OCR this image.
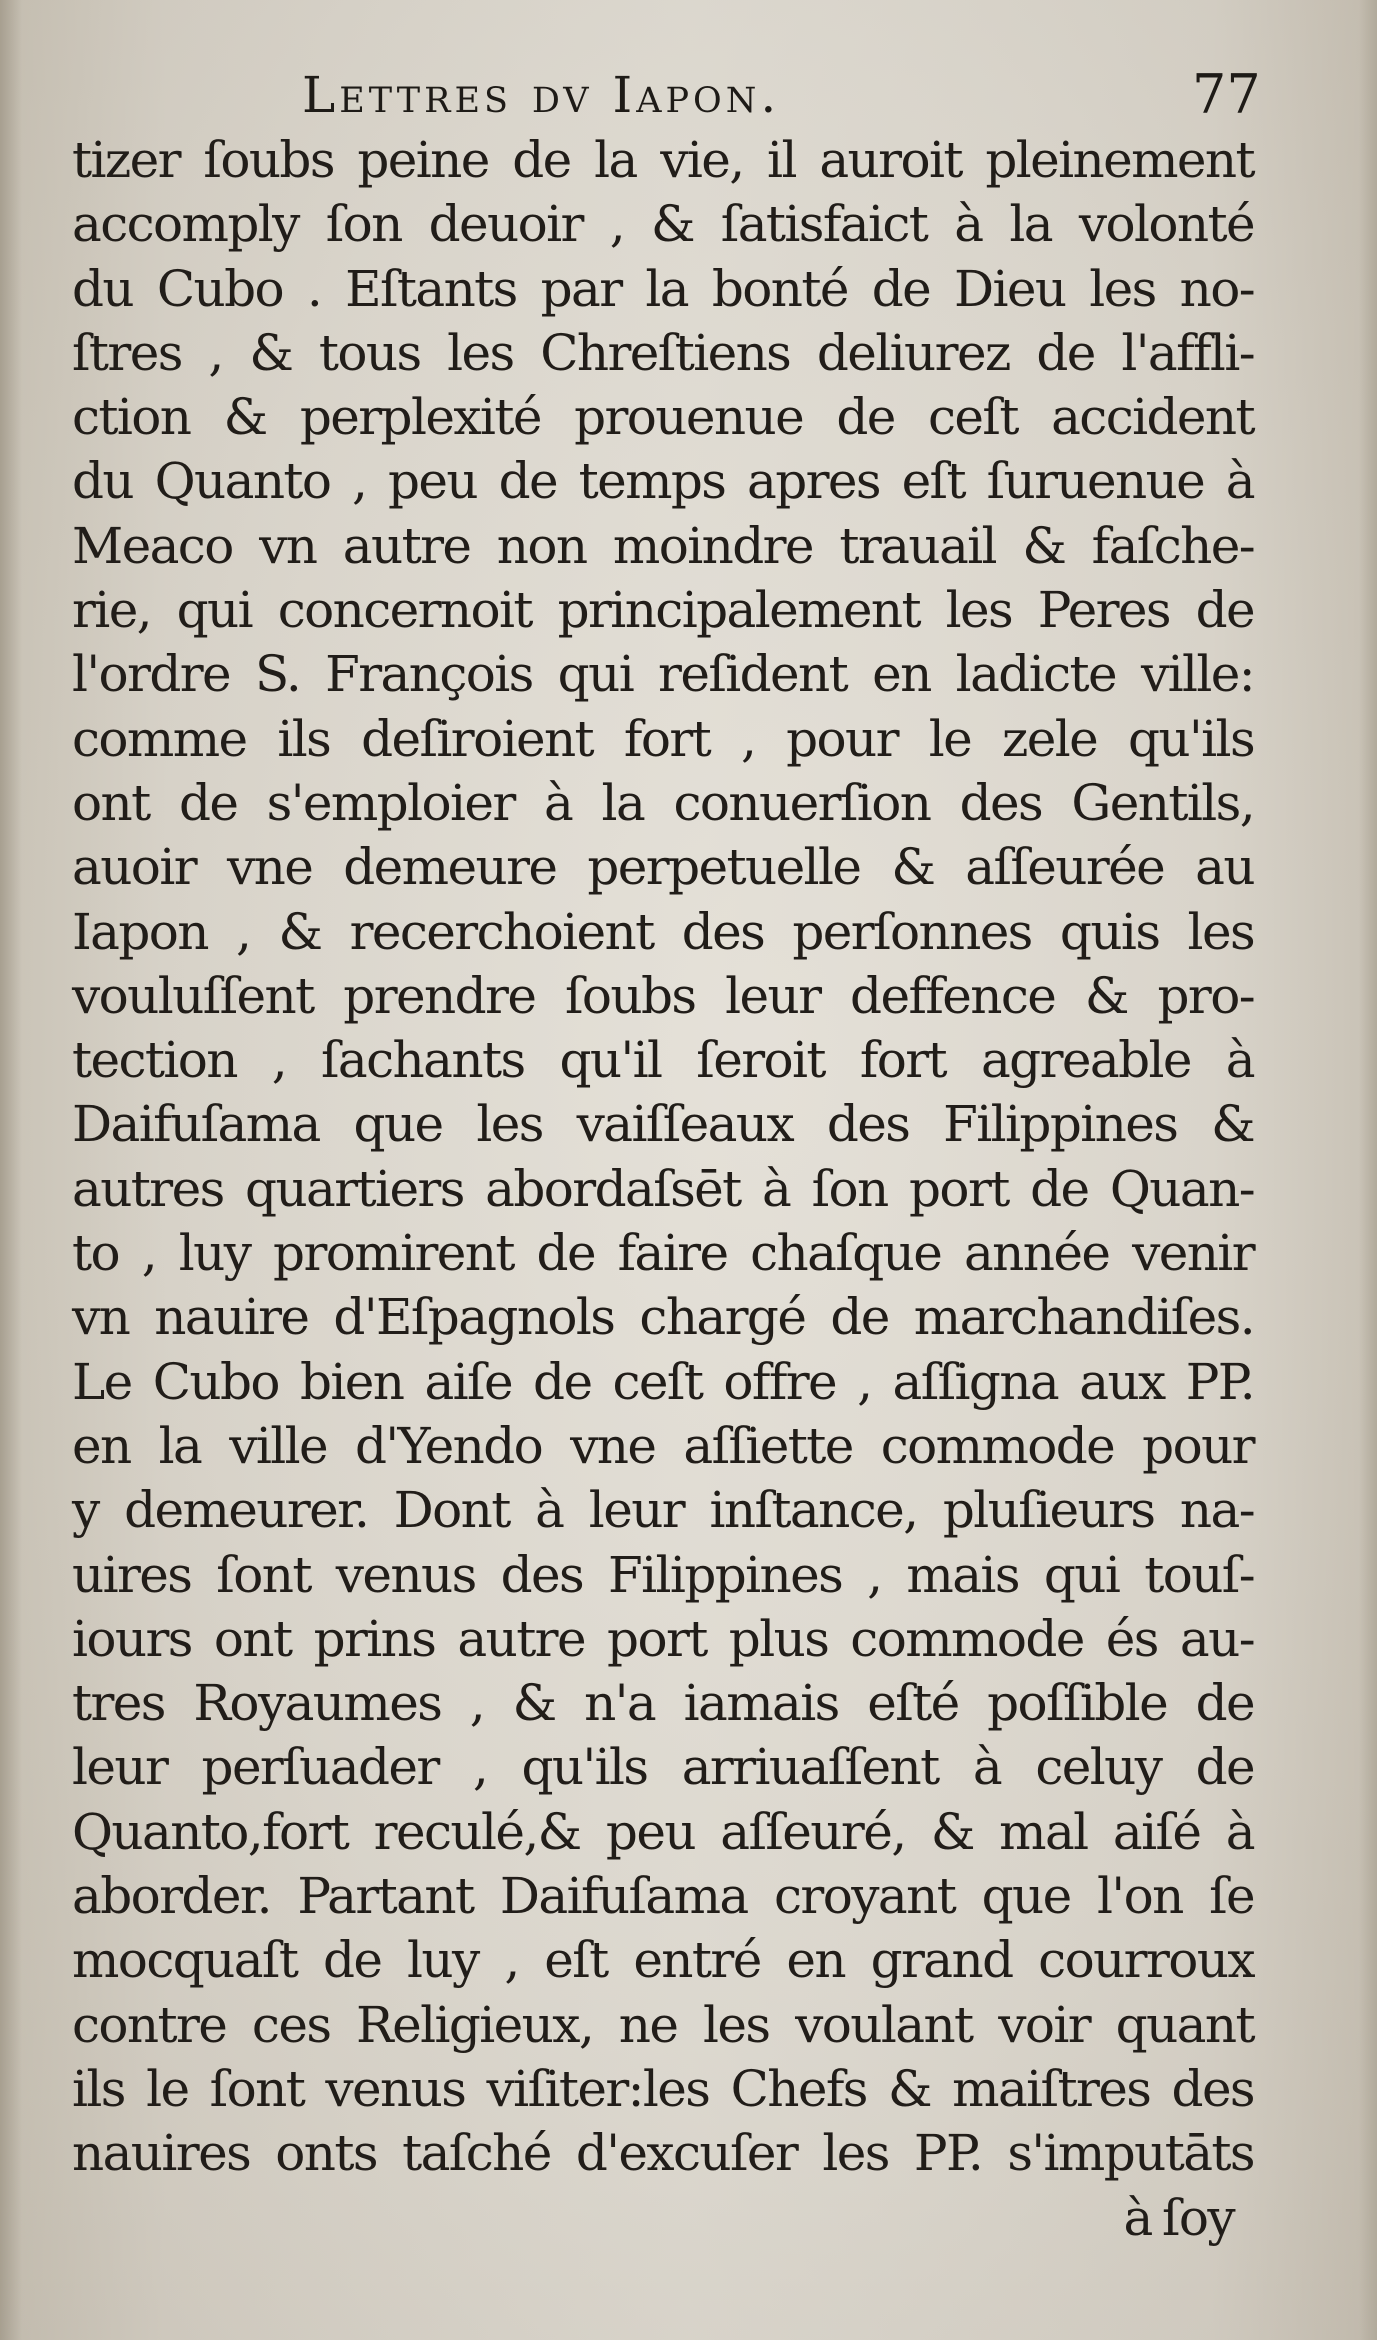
Lettres dv Iapon.	77
tizer ſoubs peine de la vie, il auroit pleinement
accomply ſon deuoir , & ſatisfaict à la volonté
du Cubo . Eſtants par la bonté de Dieu les no-
ſtres , & tous les Chreſtiens deliurez de l'affli-
ction & perplexité prouenue de ceſt accident
du Quanto , peu de temps apres eſt ſuruenue à
Meaco vn autre non moindre trauail & faſche-
rie, qui concernoit principalement les Peres de
l'ordre S. François qui reſident en ladicte ville:
comme ils deſiroient fort , pour le zele qu'ils
ont de s'emploier à la conuerſion des Gentils,
auoir vne demeure perpetuelle & aſſeurée au
Iapon , & recerchoient des perſonnes quis les
vouluſſent prendre ſoubs leur deffence & pro-
tection , ſachants qu'il ſeroit fort agreable à
Daifuſama que les vaiſſeaux des Filippines &
autres quartiers abordaſsēt à ſon port de Quan-
to , luy promirent de faire chaſque année venir
vn nauire d'Eſpagnols chargé de marchandiſes.
Le Cubo bien aiſe de ceſt offre , aſſigna aux PP.
en la ville d'Yendo vne aſſiette commode pour
y demeurer. Dont à leur inſtance, pluſieurs na-
uires ſont venus des Filippines , mais qui touſ-
iours ont prins autre port plus commode és au-
tres Royaumes , & n'a iamais eſté poſſible de
leur perſuader , qu'ils arriuaſſent à celuy de
Quanto,fort reculé,& peu aſſeuré, & mal aiſé à
aborder. Partant Daifuſama croyant que l'on ſe
mocquaſt de luy , eſt entré en grand courroux
contre ces Religieux, ne les voulant voir quant
ils le ſont venus viſiter:les Chefs & maiſtres des
nauires onts taſché d'excuſer les PP. s'imputāts
à ſoy
